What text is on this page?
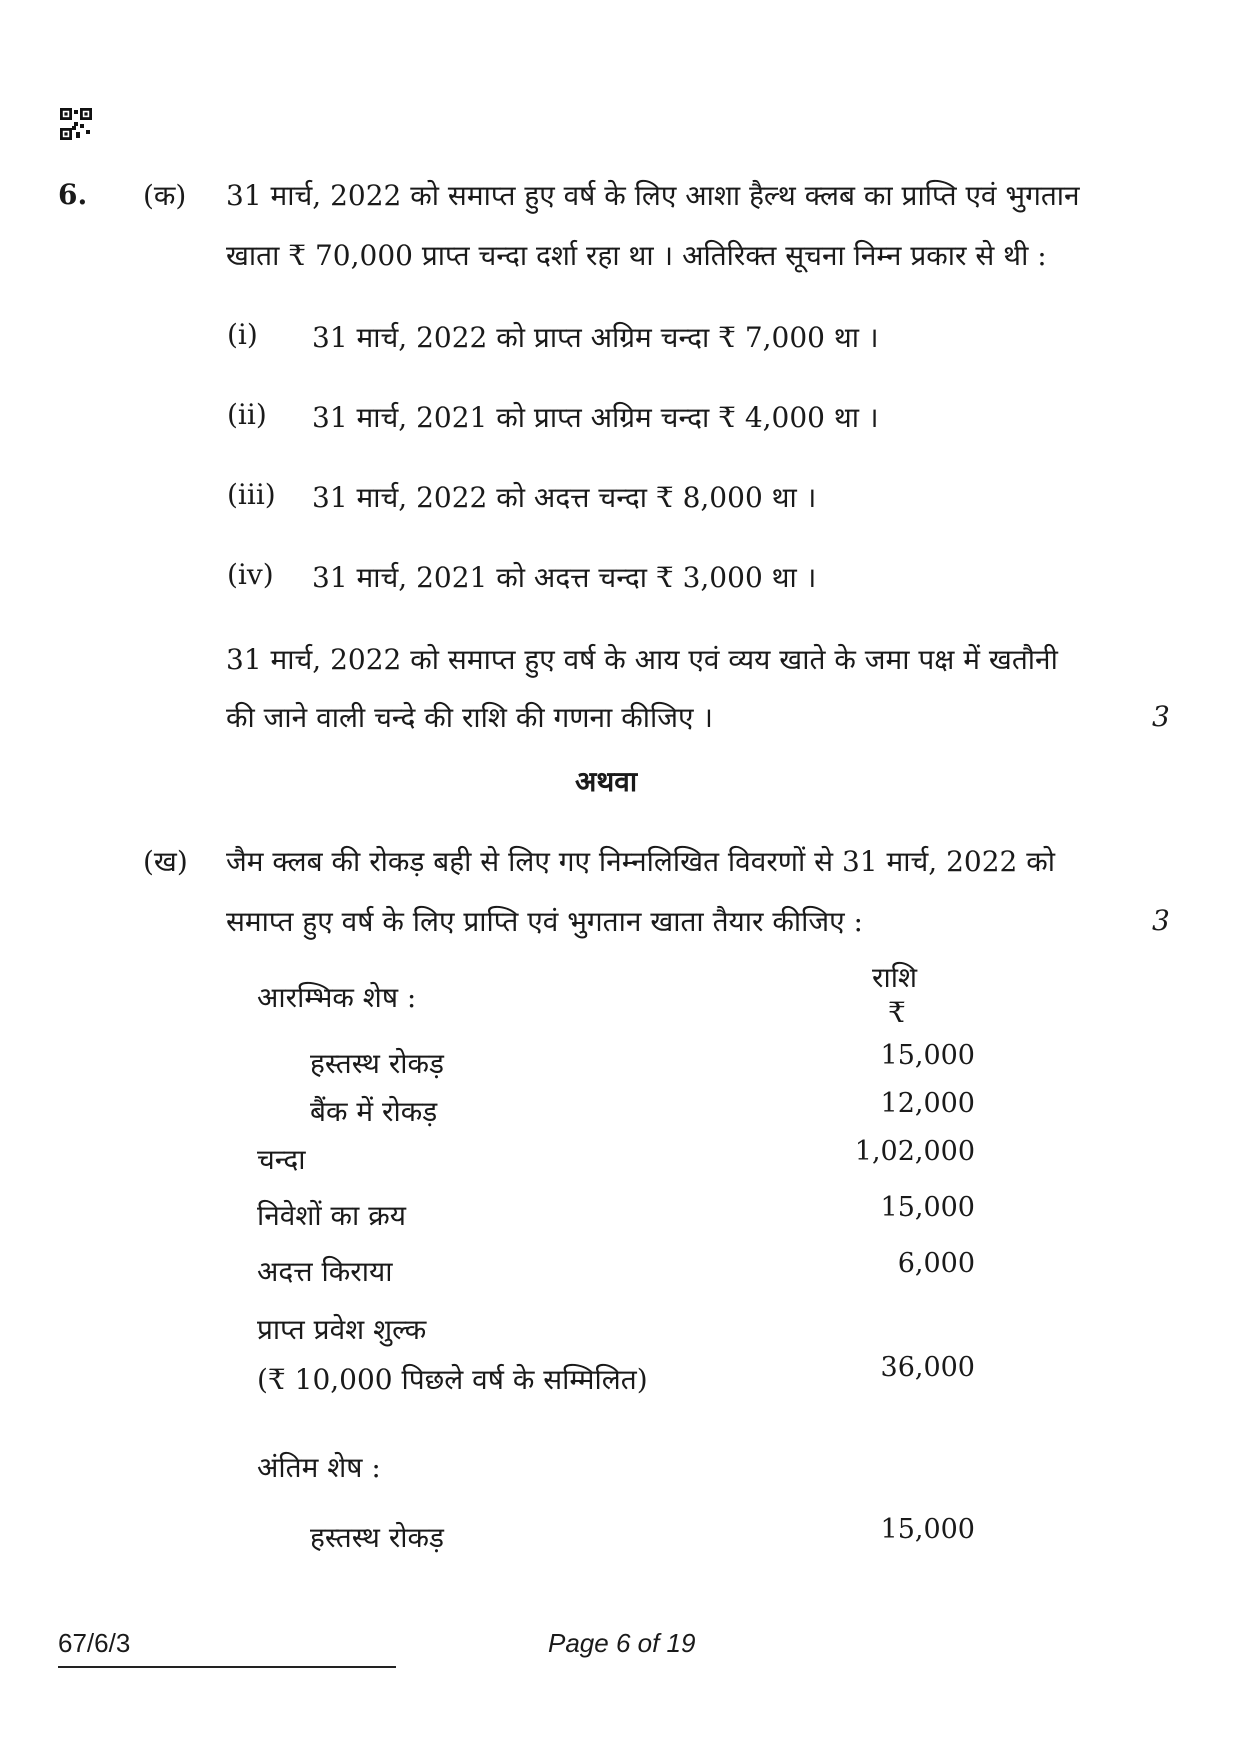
6. (क) 31 मार्च, 2022 को समाप्त हुए वर्ष के लिए आशा हैल्थ क्लब का प्राप्ति एवं भुगतान
खाता ₹ 70,000 प्राप्त चन्दा दर्शा रहा था । अतिरिक्त सूचना निम्न प्रकार से थी :
(i) 31 मार्च, 2022 को प्राप्त अग्रिम चन्दा ₹ 7,000 था ।
(ii) 31 मार्च, 2021 को प्राप्त अग्रिम चन्दा ₹ 4,000 था ।
(iii) 31 मार्च, 2022 को अदत्त चन्दा ₹ 8,000 था ।
(iv) 31 मार्च, 2021 को अदत्त चन्दा ₹ 3,000 था ।
31 मार्च, 2022 को समाप्त हुए वर्ष के आय एवं व्यय खाते के जमा पक्ष में खतौनी
की जाने वाली चन्दे की राशि की गणना कीजिए ।	3
अथवा
(ख) जैम क्लब की रोकड़ बही से लिए गए निम्नलिखित विवरणों से 31 मार्च, 2022 को
समाप्त हुए वर्ष के लिए प्राप्ति एवं भुगतान खाता तैयार कीजिए :	3
राशि
₹
आरम्भिक शेष :
हस्तस्थ रोकड़	15,000
बैंक में रोकड़	12,000
चन्दा	1,02,000
निवेशों का क्रय	15,000
अदत्त किराया	6,000
प्राप्त प्रवेश शुल्क
(₹ 10,000 पिछले वर्ष के सम्मिलित)	36,000
अंतिम शेष :
हस्तस्थ रोकड़	15,000
67/6/3	Page 6 of 19
